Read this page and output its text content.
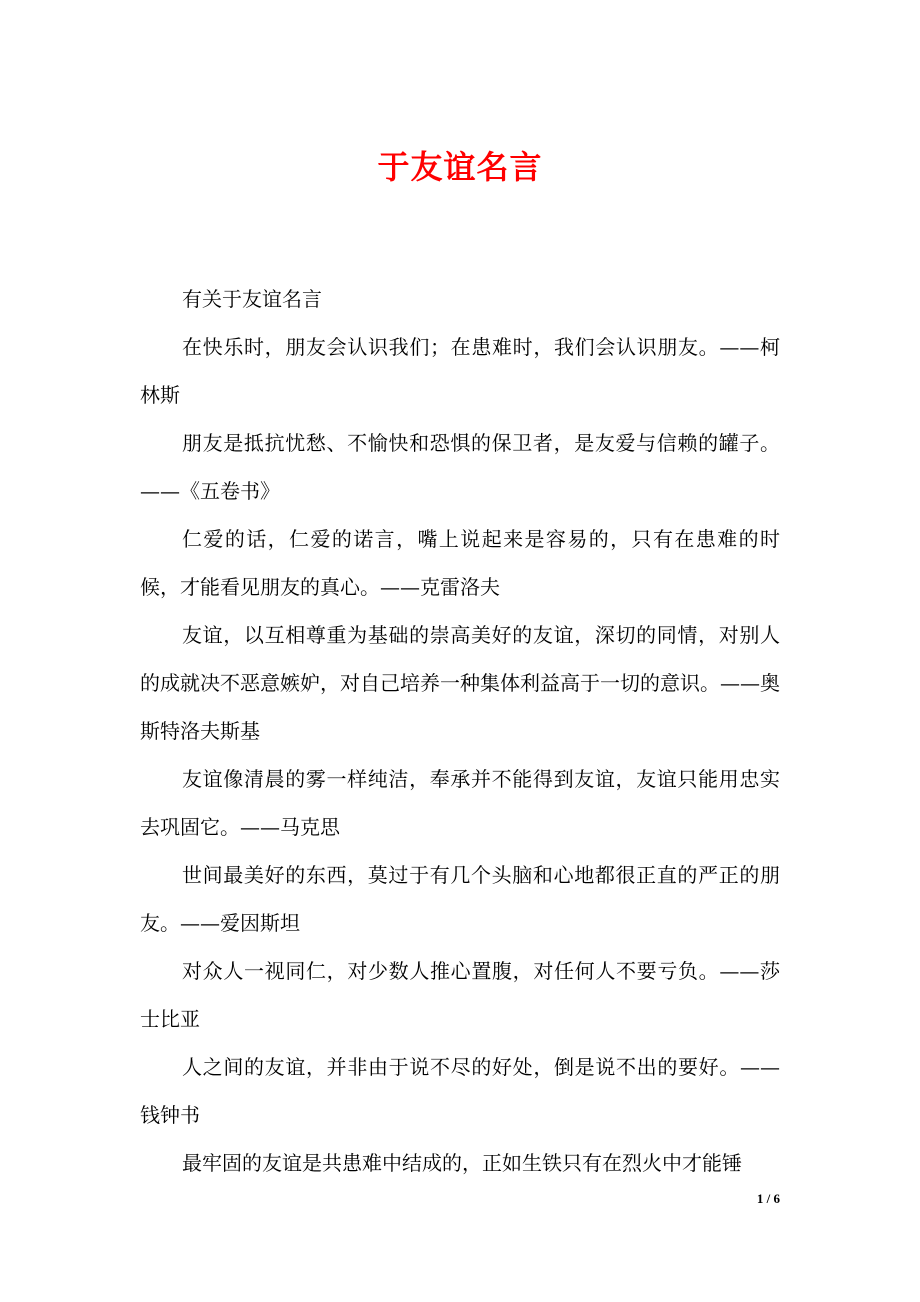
于友谊名言

有关于友谊名言

在快乐时，朋友会认识我们；在患难时，我们会认识朋友。——柯林斯

朋友是抵抗忧愁、不愉快和恐惧的保卫者，是友爱与信赖的罐子。——《五卷书》

仁爱的话，仁爱的诺言，嘴上说起来是容易的，只有在患难的时候，才能看见朋友的真心。——克雷洛夫

友谊，以互相尊重为基础的崇高美好的友谊，深切的同情，对别人的成就决不恶意嫉妒，对自己培养一种集体利益高于一切的意识。——奥斯特洛夫斯基

友谊像清晨的雾一样纯洁，奉承并不能得到友谊，友谊只能用忠实去巩固它。——马克思

世间最美好的东西，莫过于有几个头脑和心地都很正直的严正的朋友。——爱因斯坦

对众人一视同仁，对少数人推心置腹，对任何人不要亏负。——莎士比亚

人之间的友谊，并非由于说不尽的好处，倒是说不出的要好。——钱钟书

最牢固的友谊是共患难中结成的，正如生铁只有在烈火中才能锤

1 / 6
